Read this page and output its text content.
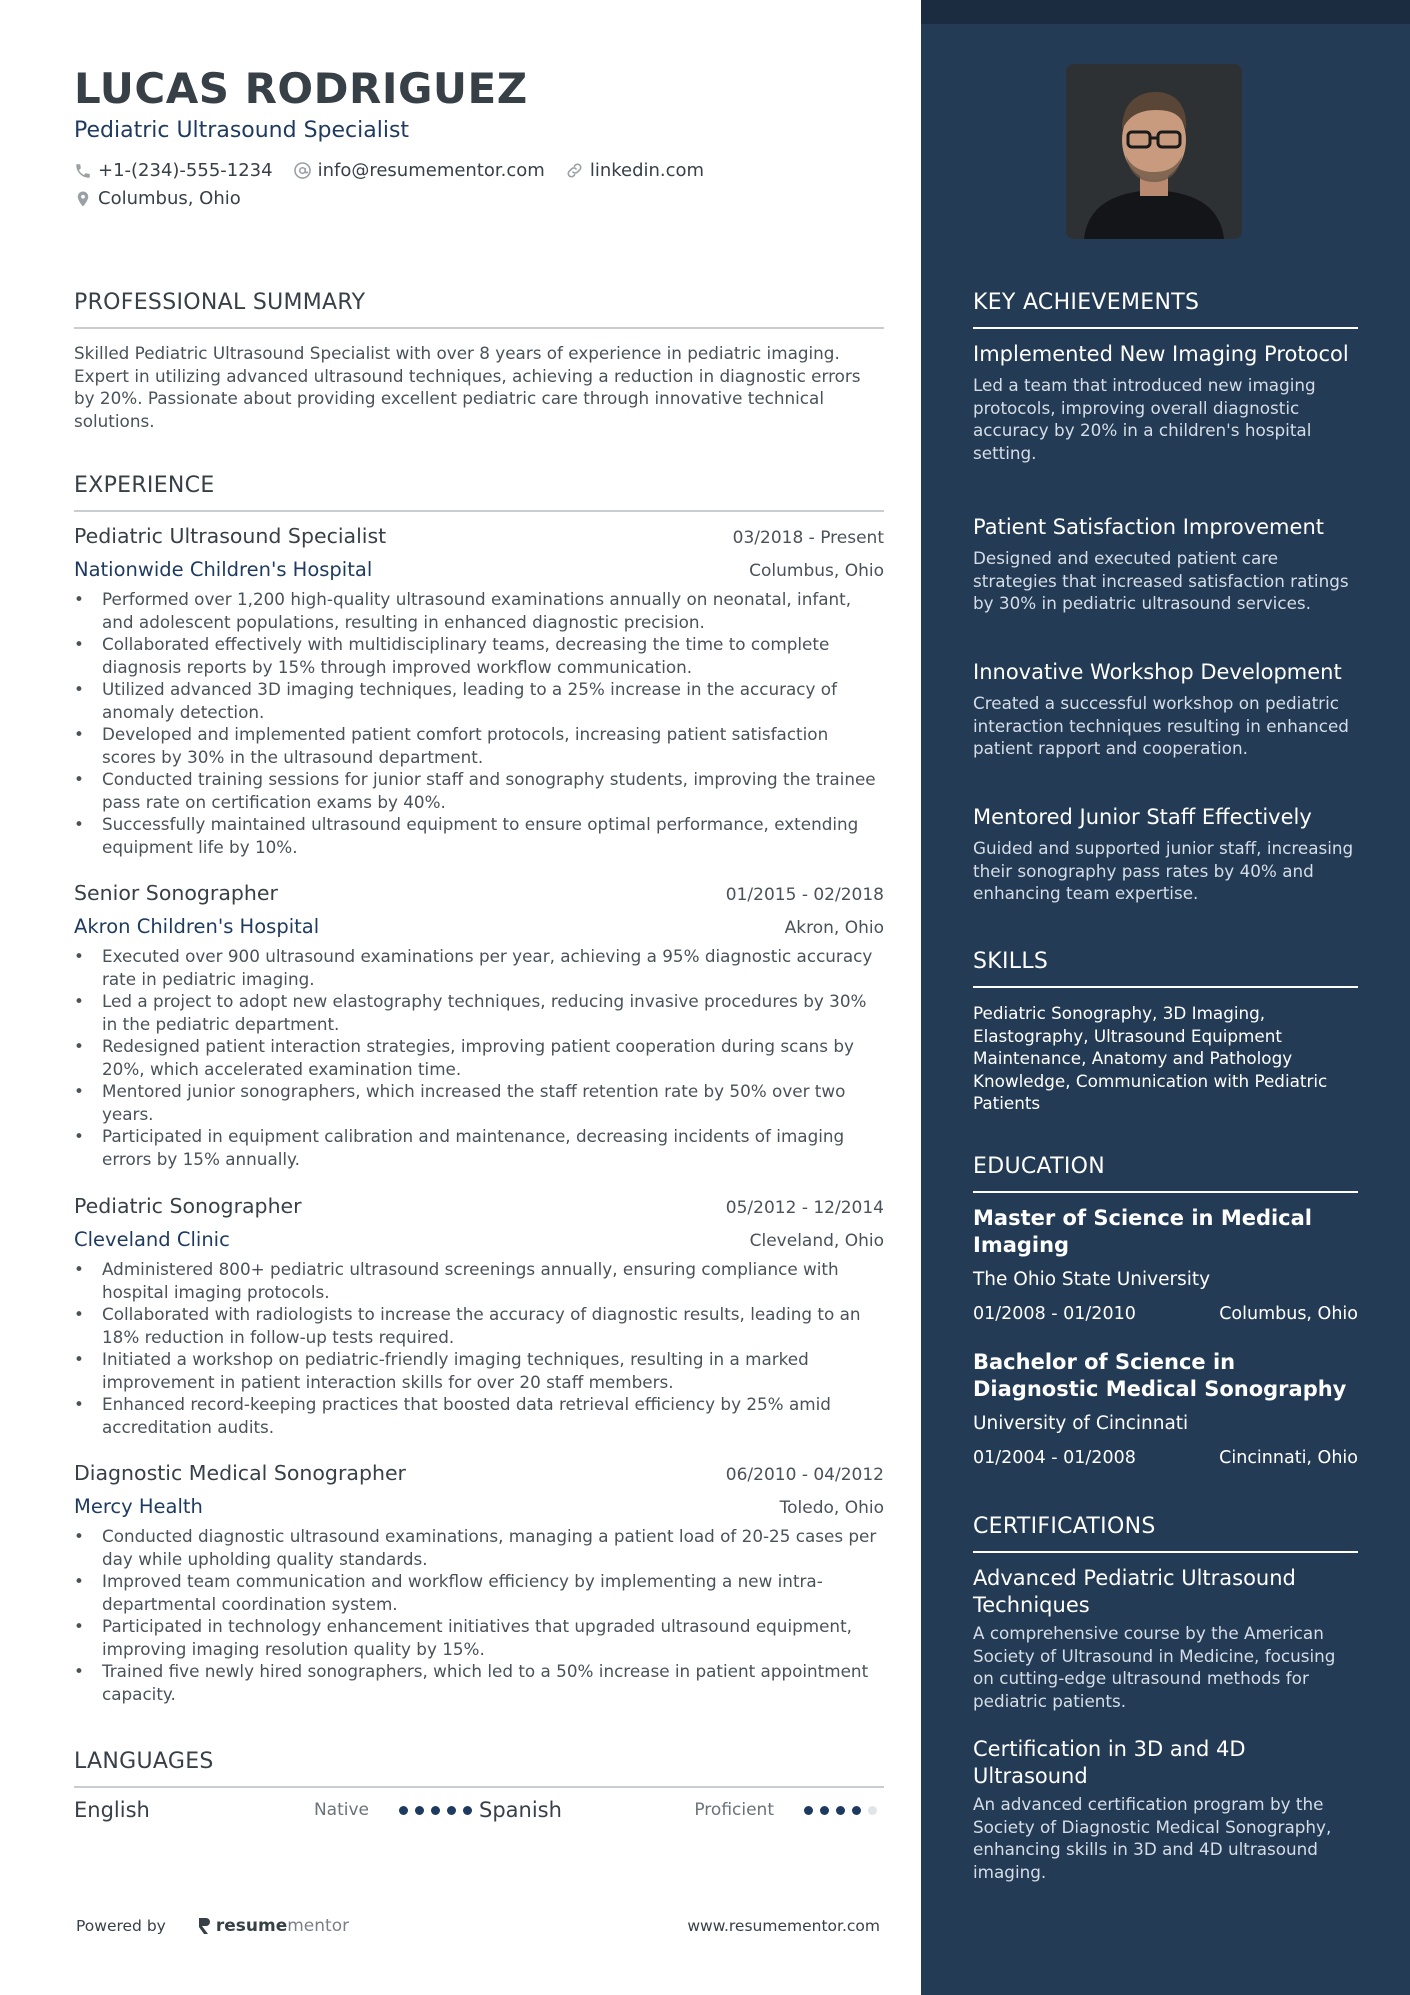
LUCAS RODRIGUEZ
Pediatric Ultrasound Specialist
+1-(234)-555-1234	info@resumementor.com	linkedin.com
Columbus, Ohio
PROFESSIONAL SUMMARY
Skilled Pediatric Ultrasound Specialist with over 8 years of experience in pediatric imaging. Expert in utilizing advanced ultrasound techniques, achieving a reduction in diagnostic errors by 20%. Passionate about providing excellent pediatric care through innovative technical solutions.
EXPERIENCE
Pediatric Ultrasound Specialist	03/2018 - Present
Nationwide Children's Hospital	Columbus, Ohio
• Performed over 1,200 high-quality ultrasound examinations annually on neonatal, infant, and adolescent populations, resulting in enhanced diagnostic precision.
• Collaborated effectively with multidisciplinary teams, decreasing the time to complete diagnosis reports by 15% through improved workflow communication.
• Utilized advanced 3D imaging techniques, leading to a 25% increase in the accuracy of anomaly detection.
• Developed and implemented patient comfort protocols, increasing patient satisfaction scores by 30% in the ultrasound department.
• Conducted training sessions for junior staff and sonography students, improving the trainee pass rate on certification exams by 40%.
• Successfully maintained ultrasound equipment to ensure optimal performance, extending equipment life by 10%.
Senior Sonographer	01/2015 - 02/2018
Akron Children's Hospital	Akron, Ohio
• Executed over 900 ultrasound examinations per year, achieving a 95% diagnostic accuracy rate in pediatric imaging.
• Led a project to adopt new elastography techniques, reducing invasive procedures by 30% in the pediatric department.
• Redesigned patient interaction strategies, improving patient cooperation during scans by 20%, which accelerated examination time.
• Mentored junior sonographers, which increased the staff retention rate by 50% over two years.
• Participated in equipment calibration and maintenance, decreasing incidents of imaging errors by 15% annually.
Pediatric Sonographer	05/2012 - 12/2014
Cleveland Clinic	Cleveland, Ohio
• Administered 800+ pediatric ultrasound screenings annually, ensuring compliance with hospital imaging protocols.
• Collaborated with radiologists to increase the accuracy of diagnostic results, leading to an 18% reduction in follow-up tests required.
• Initiated a workshop on pediatric-friendly imaging techniques, resulting in a marked improvement in patient interaction skills for over 20 staff members.
• Enhanced record-keeping practices that boosted data retrieval efficiency by 25% amid accreditation audits.
Diagnostic Medical Sonographer	06/2010 - 04/2012
Mercy Health	Toledo, Ohio
• Conducted diagnostic ultrasound examinations, managing a patient load of 20-25 cases per day while upholding quality standards.
• Improved team communication and workflow efficiency by implementing a new intra-departmental coordination system.
• Participated in technology enhancement initiatives that upgraded ultrasound equipment, improving imaging resolution quality by 15%.
• Trained five newly hired sonographers, which led to a 50% increase in patient appointment capacity.
LANGUAGES
English	Native	Spanish	Proficient
Powered by	resume mentor	www.resumementor.com
KEY ACHIEVEMENTS
Implemented New Imaging Protocol
Led a team that introduced new imaging protocols, improving overall diagnostic accuracy by 20% in a children's hospital setting.
Patient Satisfaction Improvement
Designed and executed patient care strategies that increased satisfaction ratings by 30% in pediatric ultrasound services.
Innovative Workshop Development
Created a successful workshop on pediatric interaction techniques resulting in enhanced patient rapport and cooperation.
Mentored Junior Staff Effectively
Guided and supported junior staff, increasing their sonography pass rates by 40% and enhancing team expertise.
SKILLS
Pediatric Sonography, 3D Imaging, Elastography, Ultrasound Equipment Maintenance, Anatomy and Pathology Knowledge, Communication with Pediatric Patients
EDUCATION
Master of Science in Medical Imaging
The Ohio State University
01/2008 - 01/2010	Columbus, Ohio
Bachelor of Science in Diagnostic Medical Sonography
University of Cincinnati
01/2004 - 01/2008	Cincinnati, Ohio
CERTIFICATIONS
Advanced Pediatric Ultrasound Techniques
A comprehensive course by the American Society of Ultrasound in Medicine, focusing on cutting-edge ultrasound methods for pediatric patients.
Certification in 3D and 4D Ultrasound
An advanced certification program by the Society of Diagnostic Medical Sonography, enhancing skills in 3D and 4D ultrasound imaging.
